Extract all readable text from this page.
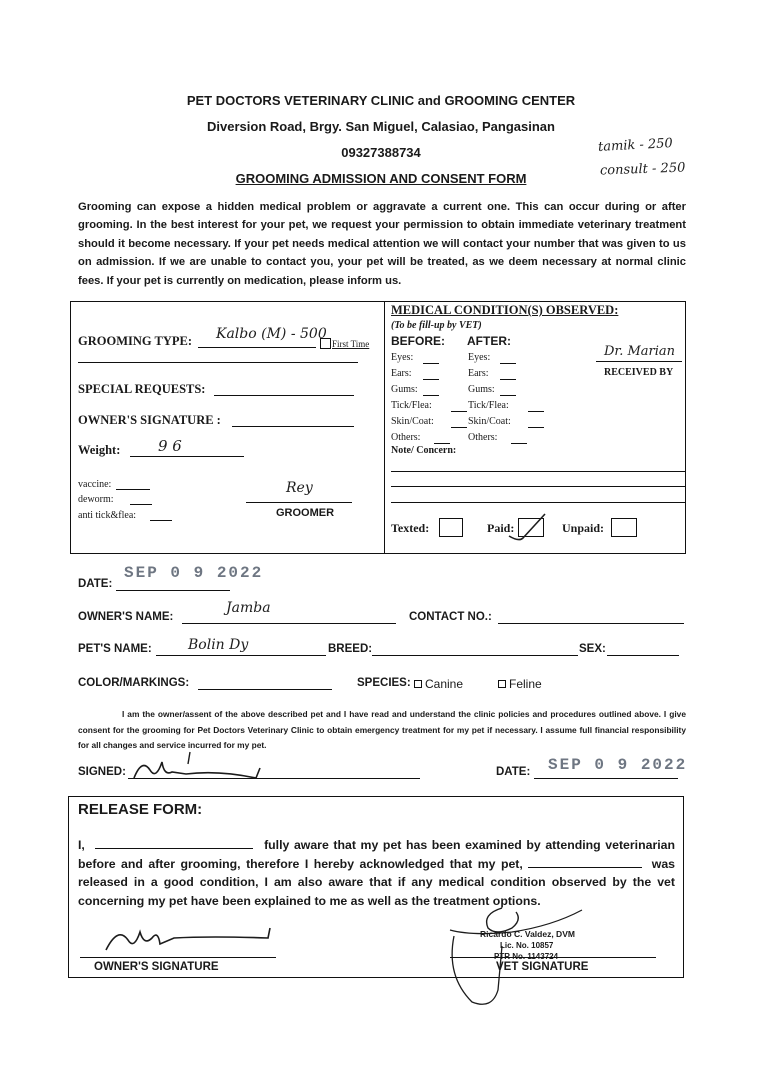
PET DOCTORS VETERINARY CLINIC and GROOMING CENTER
Diversion Road, Brgy. San Miguel, Calasiao, Pangasinan
09327388734
GROOMING ADMISSION AND CONSENT FORM
tamik - 250
consult - 250
Grooming can expose a hidden medical problem or aggravate a current one. This can occur during or after grooming. In the best interest for your pet, we request your permission to obtain immediate veterinary treatment should it become necessary. If your pet needs medical attention we will contact your number that was given to us on admission. If we are unable to contact you, your pet will be treated, as we deem necessary at normal clinic fees. If your pet is currently on medication, please inform us.
GROOMING TYPE: Kalbo (M) - 500
First Time
SPECIAL REQUESTS:
OWNER'S SIGNATURE :
Weight:	9 6
vaccine:
deworm:
anti tick&flea:
Rey
GROOMER
MEDICAL CONDITION(S) OBSERVED:
(To be fill-up by VET)
BEFORE: AFTER:
Eyes:	Eyes:
Ears:	Ears:
Gums:	Gums:
Tick/Flea:	Tick/Flea:
Skin/Coat:	Skin/Coat:
Others:	Others:
Dr. Marian
RECEIVED BY
Note/ Concern:
Texted:	Paid:	Unpaid:
DATE:
SEP 0 9 2022
OWNER'S NAME:
Jamba
CONTACT NO.:
PET'S NAME:	Bolin Dy	BREED:	SEX:
COLOR/MARKINGS:	SPECIES: Canine	Feline
I am the owner/assent of the above described pet and I have read and understand the clinic policies and procedures outlined above. I give consent for the grooming for Pet Doctors Veterinary Clinic to obtain emergency treatment for my pet if necessary. I assume full financial responsibility for all changes and service incurred for my pet.
SIGNED:	DATE: SEP 0 9 2022
RELEASE FORM:
I,	fully aware that my pet has been examined by attending veterinarian before and after grooming, therefore I hereby acknowledged that my pet,	was released in a good condition, I am also aware that if any medical condition observed by the vet concerning my pet have been explained to me as well as the treatment options.
OWNER'S SIGNATURE
Ricardo C. Valdez, DVM
Lic. No. 10857
PTR No. 1143724
VET SIGNATURE
